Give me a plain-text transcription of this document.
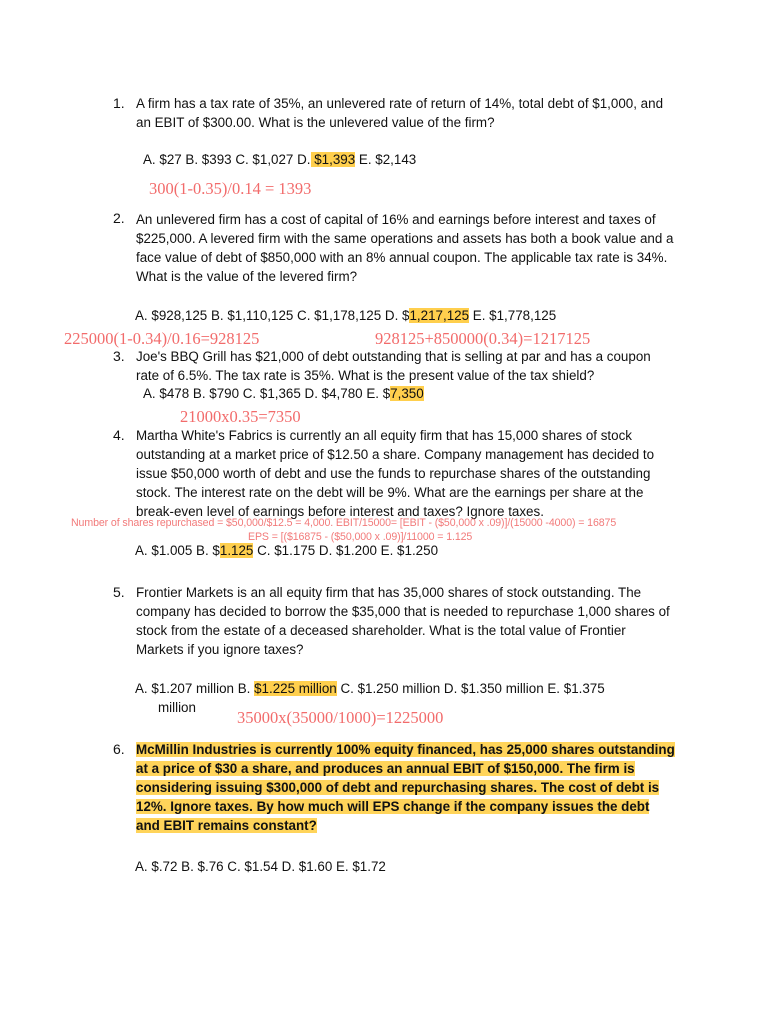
1. A firm has a tax rate of 35%, an unlevered rate of return of 14%, total debt of $1,000, and an EBIT of $300.00. What is the unlevered value of the firm?
A. $27 B. $393 C. $1,027 D. $1,393 E. $2,143
300(1-0.35)/0.14 = 1393
2. An unlevered firm has a cost of capital of 16% and earnings before interest and taxes of $225,000. A levered firm with the same operations and assets has both a book value and a face value of debt of $850,000 with an 8% annual coupon. The applicable tax rate is 34%. What is the value of the levered firm?
A. $928,125 B. $1,110,125 C. $1,178,125 D. $1,217,125 E. $1,778,125
225000(1-0.34)/0.16=928125	928125+850000(0.34)=1217125
3. Joe's BBQ Grill has $21,000 of debt outstanding that is selling at par and has a coupon rate of 6.5%. The tax rate is 35%. What is the present value of the tax shield?
A. $478 B. $790 C. $1,365 D. $4,780 E. $7,350
21000x0.35=7350
4. Martha White's Fabrics is currently an all equity firm that has 15,000 shares of stock outstanding at a market price of $12.50 a share. Company management has decided to issue $50,000 worth of debt and use the funds to repurchase shares of the outstanding stock. The interest rate on the debt will be 9%. What are the earnings per share at the break-even level of earnings before interest and taxes? Ignore taxes.
Number of shares repurchased = $50,000/$12.5 = 4,000. EBIT/15000= [EBIT - ($50,000 x .09)]/(15000 -4000) = 16875
EPS = [($16875 - ($50,000 x .09)]/11000 = 1.125
A. $1.005 B. $1.125 C. $1.175 D. $1.200 E. $1.250
5. Frontier Markets is an all equity firm that has 35,000 shares of stock outstanding. The company has decided to borrow the $35,000 that is needed to repurchase 1,000 shares of stock from the estate of a deceased shareholder. What is the total value of Frontier Markets if you ignore taxes?
A. $1.207 million B. $1.225 million C. $1.250 million D. $1.350 million E. $1.375
million
35000x(35000/1000)=1225000
6. McMillin Industries is currently 100% equity financed, has 25,000 shares outstanding at a price of $30 a share, and produces an annual EBIT of $150,000. The firm is considering issuing $300,000 of debt and repurchasing shares. The cost of debt is 12%. Ignore taxes. By how much will EPS change if the company issues the debt and EBIT remains constant?
A. $.72 B. $.76 C. $1.54 D. $1.60 E. $1.72
